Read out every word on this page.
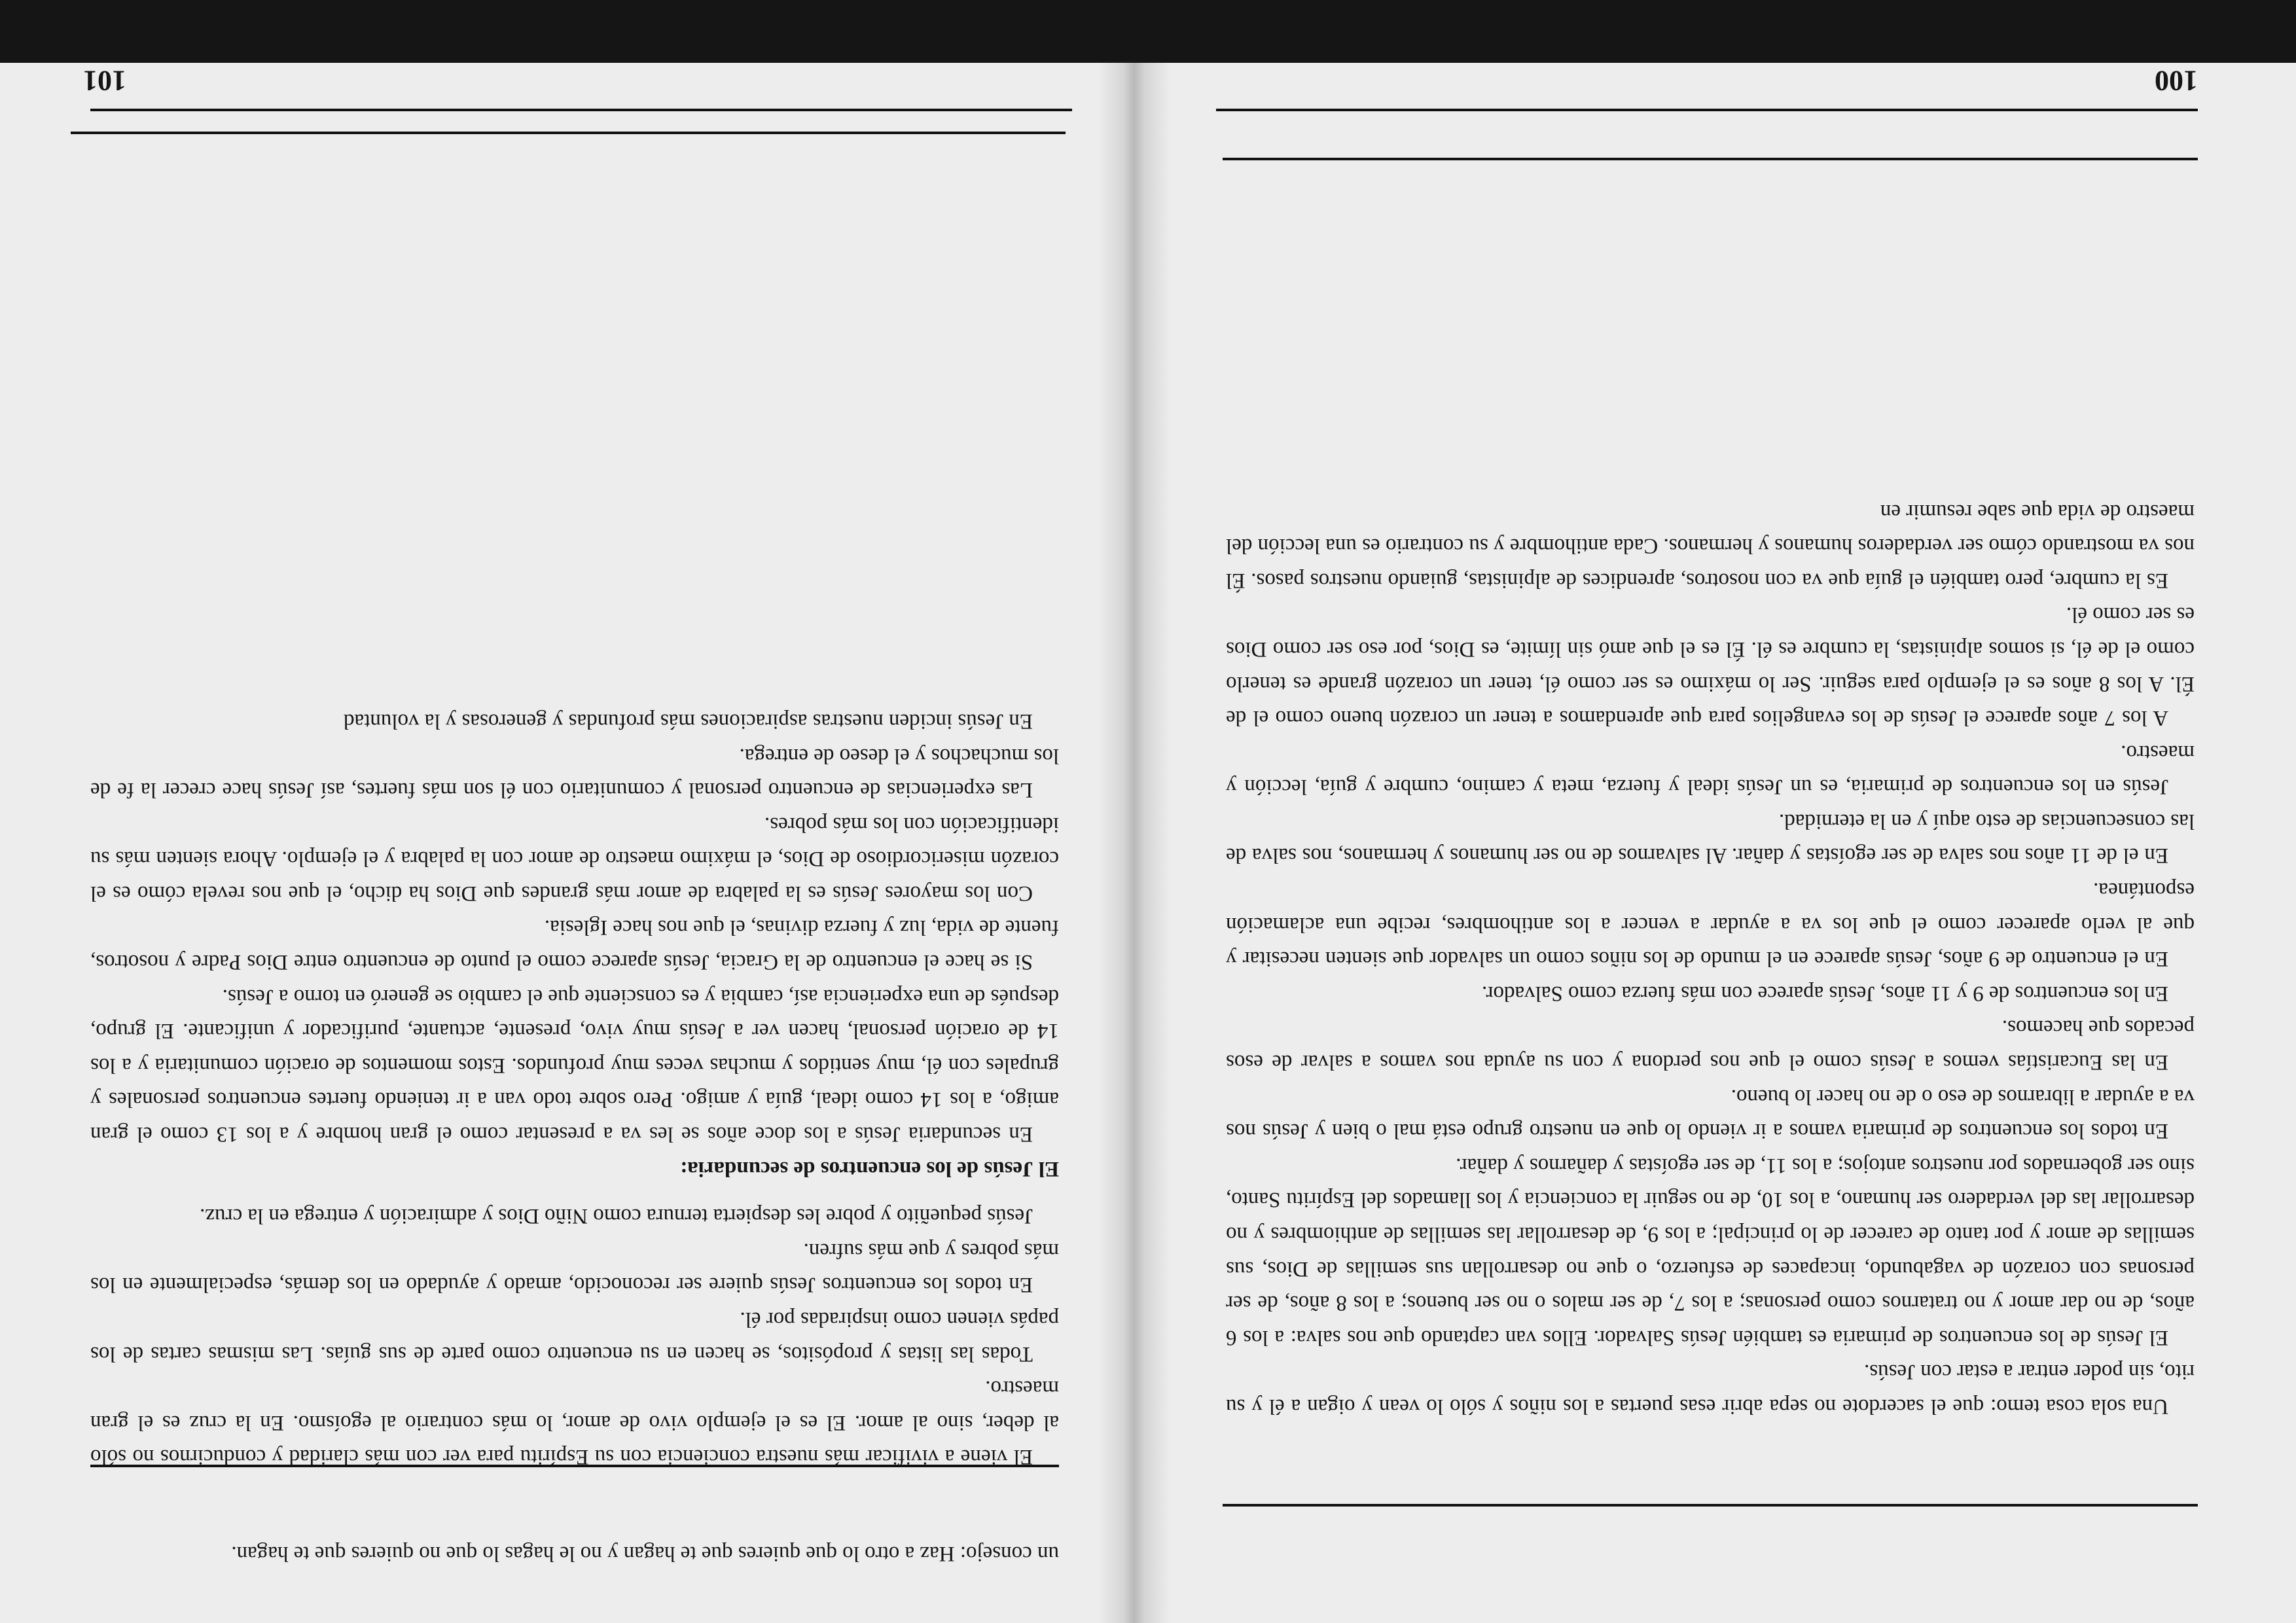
100

Una sola cosa temo: que el sacerdote no sepa abrir esas puertas a los niños y sólo lo vean y oigan a él y su rito, sin poder entrar a estar con Jesús.

El Jesús de los encuentros de primaria es también Jesús Salvador. Ellos van captando que nos salva: a los 6 años, de no dar amor y no tratarnos como personas; a los 7, de ser malos o no ser buenos; a los 8 años, de ser personas con corazón de vagabundo, incapaces de esfuerzo, o que no desarrollan sus semillas de Dios, sus semillas de amor y por tanto de carecer de lo principal; a los 9, de desarrollar las semillas de anthiombres y no desarrollar las del verdadero ser humano, a los 10, de no seguir la conciencia y los llamados del Espíritu Santo, sino ser gobernados por nuestros antojos; a los 11, de ser egoístas y dañarnos y dañar.

En todos los encuentros de primaria vamos a ir viendo lo que en nuestro grupo está mal o bien y Jesús nos va a ayudar a librarnos de eso o de no hacer lo bueno.

En las Eucaristías vemos a Jesús como el que nos perdona y con su ayuda nos vamos a salvar de esos pecados que hacemos.

En los encuentros de 9 y 11 años, Jesús aparece con más fuerza como Salvador.

En el encuentro de 9 años, Jesús aparece en el mundo de los niños como un salvador que sienten necesitar y que al verlo aparecer como el que los va a ayudar a vencer a los antihombres, recibe una aclamación espontánea.

En el de 11 años nos salva de ser egoístas y dañar. Al salvarnos de no ser humanos y hermanos, nos salva de las consecuencias de esto aquí y en la eternidad.

Jesús en los encuentros de primaria, es un Jesús ideal y fuerza, meta y camino, cumbre y guía, lección y maestro.

A los 7 años aparece el Jesús de los evangelios para que aprendamos a tener un corazón bueno como el de Él. A los 8 años es el ejemplo para seguir. Ser lo máximo es ser como él, tener un corazón grande es tenerlo como el de él, si somos alpinistas, la cumbre es él. Él es el que amó sin límite, es Dios, por eso ser como Dios es ser como él.

Es la cumbre, pero también el guía que va con nosotros, aprendices de alpinistas, guiando nuestros pasos. Él nos va mostrando cómo ser verdaderos humanos y hermanos. Cada antihombre y su contrario es una lección del maestro de vida que sabe resumir en

101

un consejo: Haz a otro lo que quieres que te hagan y no le hagas lo que no quieres que te hagan.

El viene a vivificar más nuestra conciencia con su Espíritu para ver con más claridad y conducirnos no sólo al deber, sino al amor. El es el ejemplo vivo de amor, lo más contrario al egoísmo. En la cruz es el gran maestro.

Todas las listas y propósitos, se hacen en su encuentro como parte de sus guías. Las mismas cartas de los papás vienen como inspiradas por él.

En todos los encuentros Jesús quiere ser reconocido, amado y ayudado en los demás, especialmente en los más pobres y que más sufren.

Jesús pequeñito y pobre les despierta ternura como Niño Dios y admiración y entrega en la cruz.

El Jesús de los encuentros de secundaria:

En secundaria Jesús a los doce años se les va a presentar como el gran hombre y a los 13 como el gran amigo, a los 14 como ideal, guía y amigo. Pero sobre todo van a ir teniendo fuertes encuentros personales y grupales con él, muy sentidos y muchas veces muy profundos. Estos momentos de oración comunitaria y a los 14 de oración personal, hacen ver a Jesús muy vivo, presente, actuante, purificador y unificante. El grupo, después de una experiencia así, cambia y es consciente que el cambio se generó en torno a Jesús.

Si se hace el encuentro de la Gracia, Jesús aparece como el punto de encuentro entre Dios Padre y nosotros, fuente de vida, luz y fuerza divinas, el que nos hace Iglesia.

Con los mayores Jesús es la palabra de amor más grandes que Dios ha dicho, el que nos revela cómo es el corazón misericordioso de Dios, el máximo maestro de amor con la palabra y el ejemplo. Ahora sienten más su identificación con los más pobres.

Las experiencias de encuentro personal y comunitario con él son más fuertes, así Jesús hace crecer la fe de los muchachos y el deseo de entrega.

En Jesús inciden nuestras aspiraciones más profundas y generosas y la voluntad
